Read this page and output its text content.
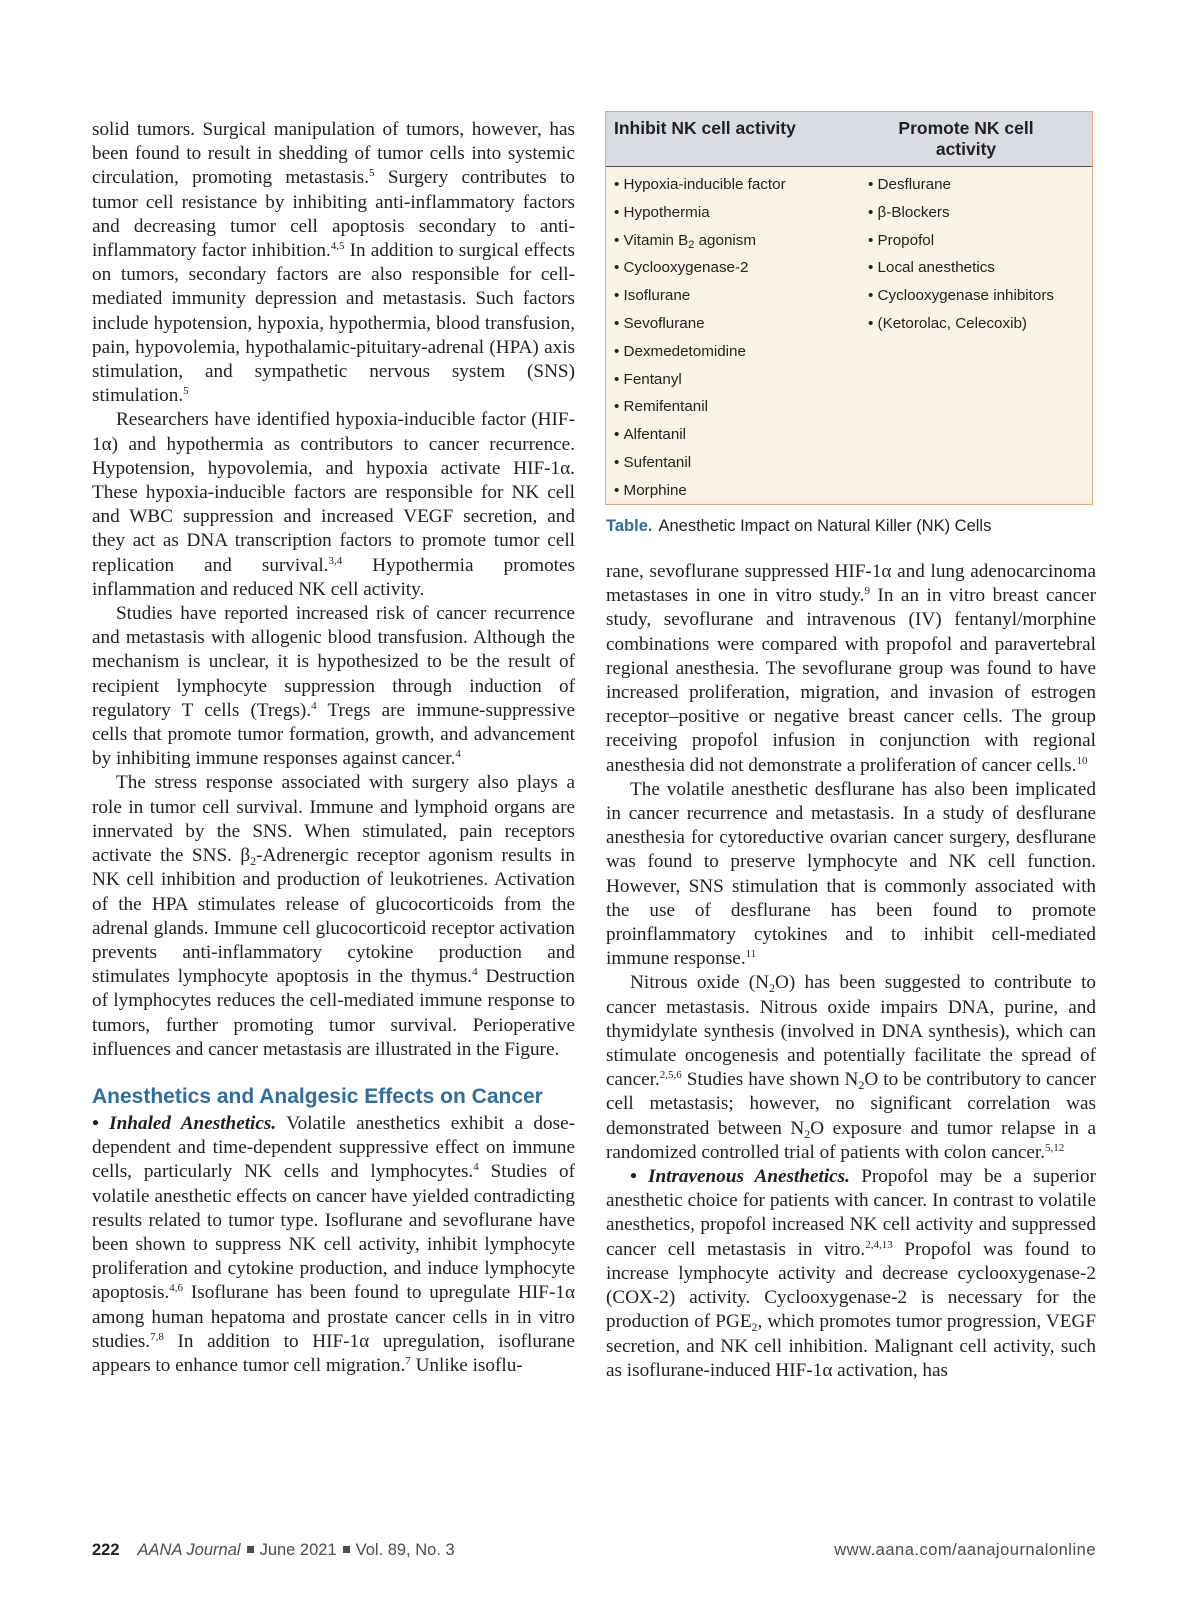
solid tumors. Surgical manipulation of tumors, however, has been found to result in shedding of tumor cells into systemic circulation, promoting metastasis.$^5$ Surgery contributes to tumor cell resistance by inhibiting anti-inflammatory factors and decreasing tumor cell apoptosis secondary to anti-inflammatory factor inhibition.$^{4,5}$ In addition to surgical effects on tumors, secondary factors are also responsible for cell-mediated immunity depression and metastasis. Such factors include hypotension, hypoxia, hypothermia, blood transfusion, pain, hypovolemia, hypothalamic-pituitary-adrenal (HPA) axis stimulation, and sympathetic nervous system (SNS) stimulation.$^5$

Researchers have identified hypoxia-inducible factor (HIF-1α) and hypothermia as contributors to cancer recurrence. Hypotension, hypovolemia, and hypoxia activate HIF-1α. These hypoxia-inducible factors are responsible for NK cell and WBC suppression and increased VEGF secretion, and they act as DNA transcription factors to promote tumor cell replication and survival.$^{3,4}$ Hypothermia promotes inflammation and reduced NK cell activity.

Studies have reported increased risk of cancer recurrence and metastasis with allogenic blood transfusion. Although the mechanism is unclear, it is hypothesized to be the result of recipient lymphocyte suppression through induction of regulatory T cells (Tregs).$^4$ Tregs are immune-suppressive cells that promote tumor formation, growth, and advancement by inhibiting immune responses against cancer.$^4$

The stress response associated with surgery also plays a role in tumor cell survival. Immune and lymphoid organs are innervated by the SNS. When stimulated, pain receptors activate the SNS. $\beta_2$-Adrenergic receptor agonism results in NK cell inhibition and production of leukotrienes. Activation of the HPA stimulates release of glucocorticoids from the adrenal glands. Immune cell glucocorticoid receptor activation prevents anti-inflammatory cytokine production and stimulates lymphocyte apoptosis in the thymus.$^4$ Destruction of lymphocytes reduces the cell-mediated immune response to tumors, further promoting tumor survival. Perioperative influences and cancer metastasis are illustrated in the Figure.

Anesthetics and Analgesic Effects on Cancer

• Inhaled Anesthetics. Volatile anesthetics exhibit a dose-dependent and time-dependent suppressive effect on immune cells, particularly NK cells and lymphocytes.$^4$ Studies of volatile anesthetic effects on cancer have yielded contradicting results related to tumor type. Isoflurane and sevoflurane have been shown to suppress NK cell activity, inhibit lymphocyte proliferation and cytokine production, and induce lymphocyte apoptosis.$^{4,6}$ Isoflurane has been found to upregulate HIF-1α among human hepatoma and prostate cancer cells in in vitro studies.$^{7,8}$ In addition to HIF-1α upregulation, isoflurane appears to enhance tumor cell migration.$^7$ Unlike isoflu-

Inhibit NK cell activity	Promote NK cell activity
• Hypoxia-inducible factor
• Hypothermia
• Vitamin $B_2$ agonism
• Cyclooxygenase-2
• Isoflurane
• Sevoflurane
• Dexmedetomidine
• Fentanyl
• Remifentanil
• Alfentanil
• Sufentanil
• Morphine
• Desflurane
• β-Blockers
• Propofol
• Local anesthetics
• Cyclooxygenase inhibitors
• (Ketorolac, Celecoxib)
Table. Anesthetic Impact on Natural Killer (NK) Cells

rane, sevoflurane suppressed HIF-1α and lung adenocarcinoma metastases in one in vitro study.$^9$ In an in vitro breast cancer study, sevoflurane and intravenous (IV) fentanyl/morphine combinations were compared with propofol and paravertebral regional anesthesia. The sevoflurane group was found to have increased proliferation, migration, and invasion of estrogen receptor–positive or negative breast cancer cells. The group receiving propofol infusion in conjunction with regional anesthesia did not demonstrate a proliferation of cancer cells.$^{10}$

The volatile anesthetic desflurane has also been implicated in cancer recurrence and metastasis. In a study of desflurane anesthesia for cytoreductive ovarian cancer surgery, desflurane was found to preserve lymphocyte and NK cell function. However, SNS stimulation that is commonly associated with the use of desflurane has been found to promote proinflammatory cytokines and to inhibit cell-mediated immune response.$^{11}$

Nitrous oxide $(N_2O)$ has been suggested to contribute to cancer metastasis. Nitrous oxide impairs DNA, purine, and thymidylate synthesis (involved in DNA synthesis), which can stimulate oncogenesis and potentially facilitate the spread of cancer.$^{2,5,6}$ Studies have shown $N_2O$ to be contributory to cancer cell metastasis; however, no significant correlation was demonstrated between $N_2O$ exposure and tumor relapse in a randomized controlled trial of patients with colon cancer.$^{5,12}$

• Intravenous Anesthetics. Propofol may be a superior anesthetic choice for patients with cancer. In contrast to volatile anesthetics, propofol increased NK cell activity and suppressed cancer cell metastasis in vitro.$^{2,4,13}$ Propofol was found to increase lymphocyte activity and decrease cyclooxygenase-2 (COX-2) activity. Cyclooxygenase-2 is necessary for the production of $PGE_2$, which promotes tumor progression, VEGF secretion, and NK cell inhibition. Malignant cell activity, such as isoflurane-induced HIF-1α activation, has

222 AANA Journal June 2021 Vol. 89, No. 3	www.aana.com/aanajournalonline
